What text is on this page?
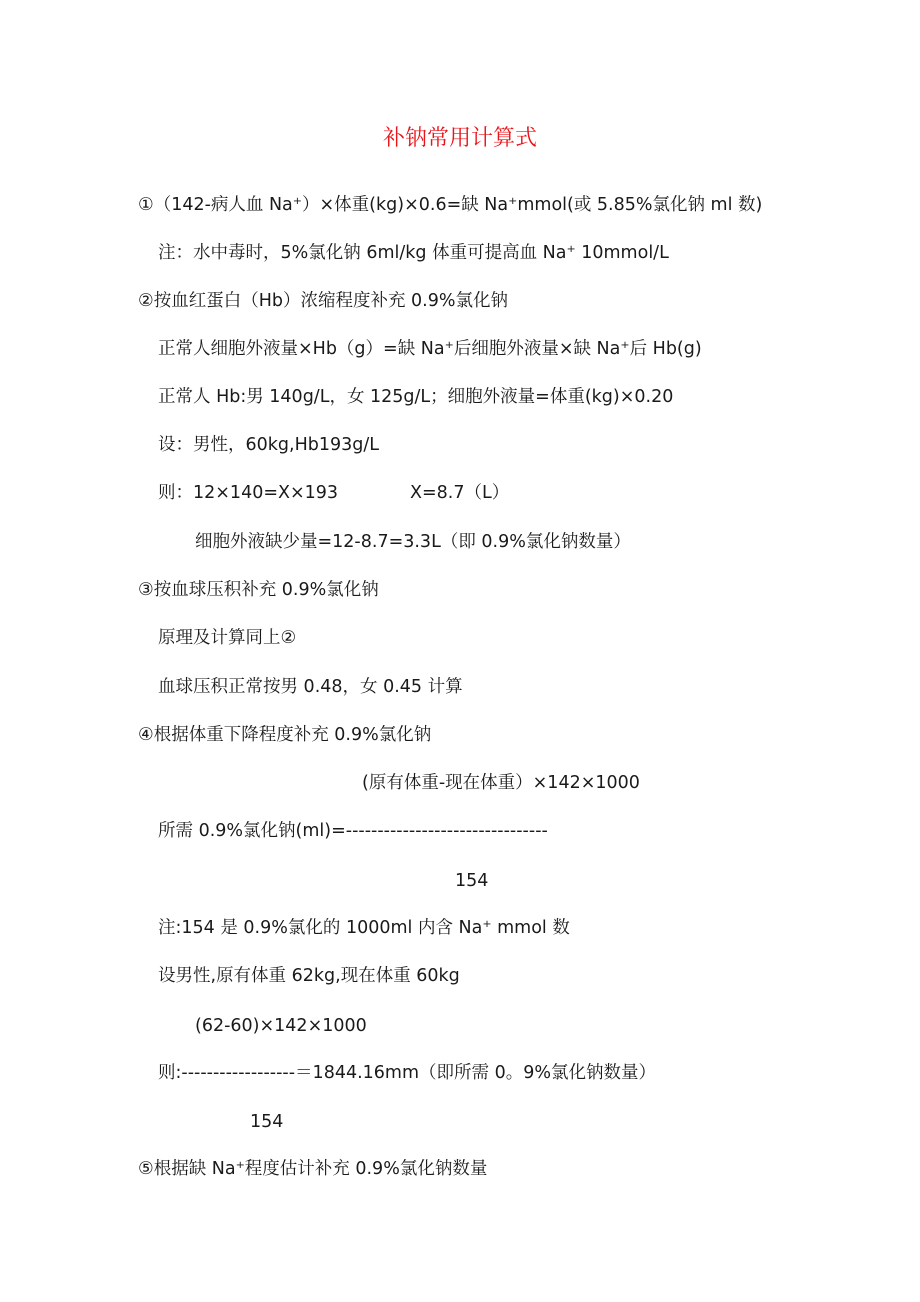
补钠常用计算式
①（142-病人血 Na⁺）×体重(kg)×0.6=缺 Na⁺mmol(或 5.85%氯化钠 ml 数)
注：水中毒时，5%氯化钠 6ml/kg 体重可提高血 Na⁺ 10mmol/L
②按血红蛋白（Hb）浓缩程度补充 0.9%氯化钠
正常人细胞外液量×Hb（g）=缺 Na⁺后细胞外液量×缺 Na⁺后 Hb(g)
正常人 Hb:男 140g/L，女 125g/L；细胞外液量=体重(kg)×0.20
设：男性，60kg,Hb193g/L
则：12×140=X×193	X=8.7（L）
细胞外液缺少量=12-8.7=3.3L（即 0.9%氯化钠数量）
③按血球压积补充 0.9%氯化钠
原理及计算同上②
血球压积正常按男 0.48，女 0.45 计算
④根据体重下降程度补充 0.9%氯化钠
(原有体重-现在体重）×142×1000
所需 0.9%氯化钠(ml)=--------------------------------
154
注:154 是 0.9%氯化的 1000ml 内含 Na⁺ mmol 数
设男性,原有体重 62kg,现在体重 60kg
(62-60)×142×1000
则:------------------＝1844.16mm（即所需 0。9%氯化钠数量）
154
⑤根据缺 Na⁺程度估计补充 0.9%氯化钠数量
